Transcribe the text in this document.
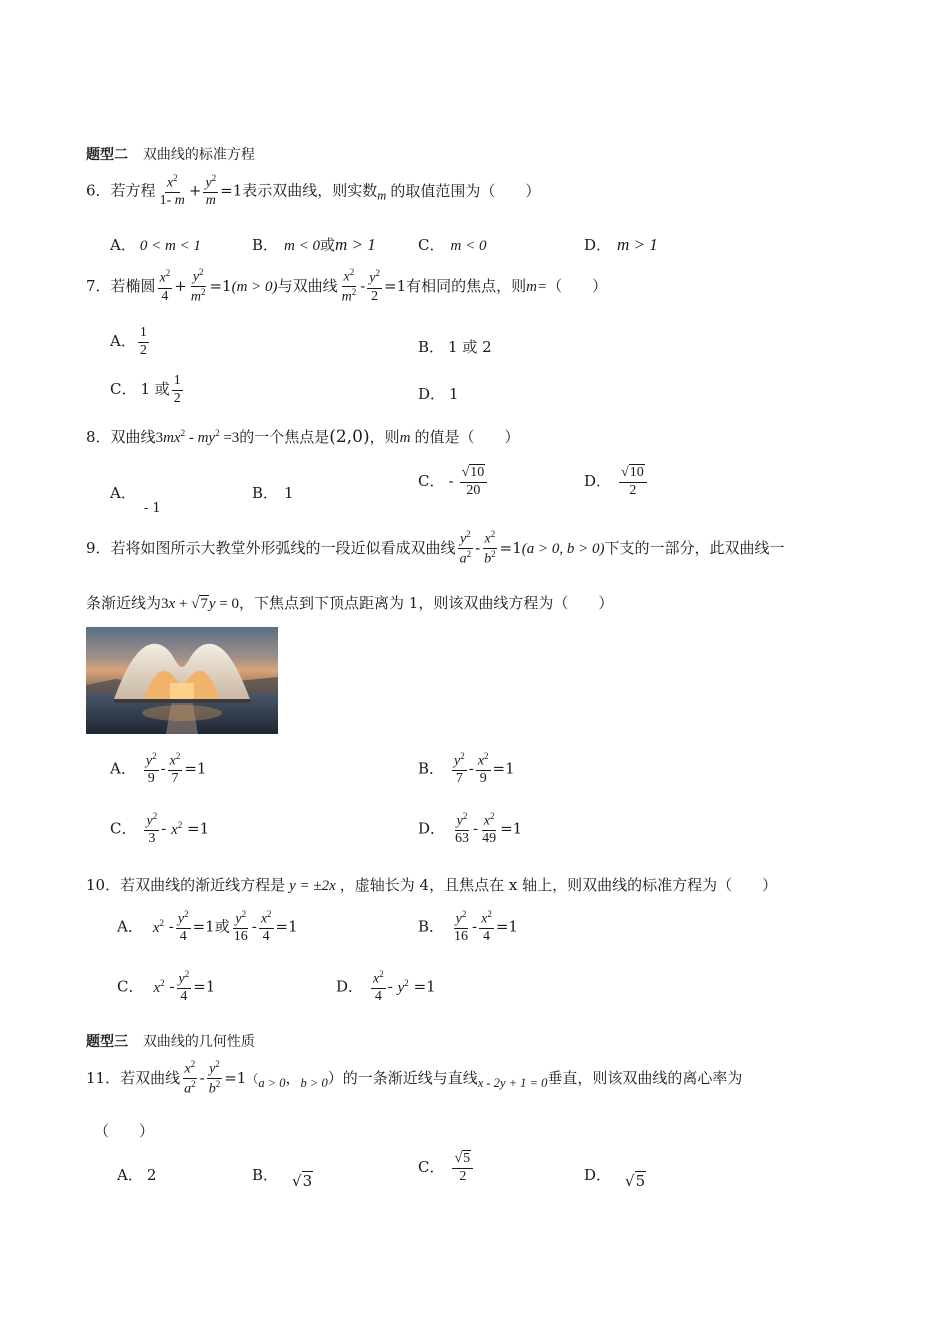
题型二 双曲线的标准方程
6．若方程 $\frac{x^2}{1- m} + \frac{y^2}{m} =1$表示双曲线，则实数$_m$ 的取值范围为（　　）
A． 0 < m < 1	B． m < 0或m > 1	C． m < 0	D． m > 1
7．若椭圆 $\frac{x^2}{4} + \frac{y^2}{m^2} =1(m > 0)$与双曲线 $\frac{x^2}{m^2} - \frac{y^2}{2} =1$有相同的焦点，则m=（　　）
A． $\frac{1}{2}$	B． 1 或 2
C． 1 或 $\frac{1}{2}$	D． 1
8．双曲线$3mx^2 - my^2 =3$的一个焦点是(2,0)，则m 的值是（　　）
A．- 1
B． 1
C． - $\frac{√10}{20}$	D． $\frac{√10}{2}$
9．若将如图所示大教堂外形弧线的一段近似看成双曲线 $\frac{y^2}{a^2} - \frac{x^2}{b^2} =1(a > 0$, b > 0)下支的一部分，此双曲线一
条渐近线为3x + √7y = 0，下焦点到下顶点距离为 1，则该双曲线方程为（　　）
A． $\frac{y^2}{9} - \frac{x^2}{7} =1$	B． $\frac{y^2}{7} - \frac{x^2}{9} =1$
C． $\frac{y^2}{3} - x^2 =1$	D． $\frac{y^2}{63} - \frac{x^2}{49} =1$
10．若双曲线的渐近线方程是 y = ±2x ，虚轴长为 4，且焦点在 x 轴上，则双曲线的标准方程为（　　）
A． $x^2 - \frac{y^2}{4} =1$或 $\frac{y^2}{16} - \frac{x^2}{4} =1$	B． $\frac{y^2}{16} - \frac{x^2}{4} =1$
C． $x^2 - \frac{y^2}{4} =1$	D． $\frac{x^2}{4} - y^2 =1$
题型三 双曲线的几何性质
11．若双曲线 $\frac{x^2}{a^2} - \frac{y^2}{b^2} =1(_{a > 0}$，$_{b > 0}$）的一条渐近线与直线$_{x - 2y + 1 = 0}$垂直，则该双曲线的离心率为
（　　）
A． 2	B． √3
C． $\frac{√5}{2}$	D． √5
